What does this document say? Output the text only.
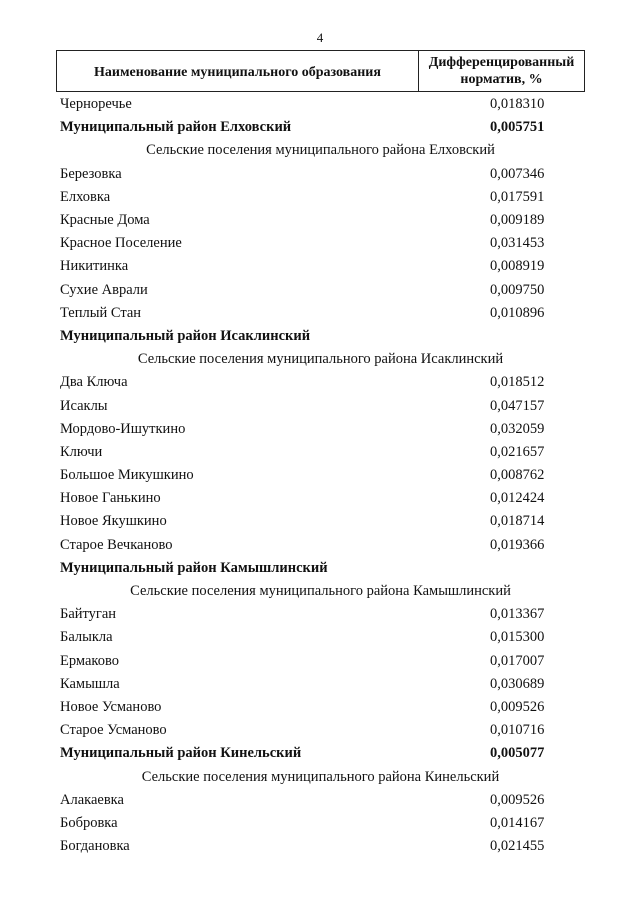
4
Наименование муниципального образования
Дифференцированный
норматив, %
Черноречье	0,018310
Муниципальный район Елховский	0,005751
Сельские поселения муниципального района Елховский
Березовка	0,007346
Елховка	0,017591
Красные Дома	0,009189
Красное Поселение	0,031453
Никитинка	0,008919
Сухие Аврали	0,009750
Теплый Стан	0,010896
Муниципальный район Исаклинский
Сельские поселения муниципального района Исаклинский
Два Ключа	0,018512
Исаклы	0,047157
Мордово-Ишуткино	0,032059
Ключи	0,021657
Большое Микушкино	0,008762
Новое Ганькино	0,012424
Новое Якушкино	0,018714
Старое Вечканово	0,019366
Муниципальный район Камышлинский
Сельские поселения муниципального района Камышлинский
Байтуган	0,013367
Балыкла	0,015300
Ермаково	0,017007
Камышла	0,030689
Новое Усманово	0,009526
Старое Усманово	0,010716
Муниципальный район Кинельский	0,005077
Сельские поселения муниципального района Кинельский
Алакаевка	0,009526
Бобровка	0,014167
Богдановка	0,021455
